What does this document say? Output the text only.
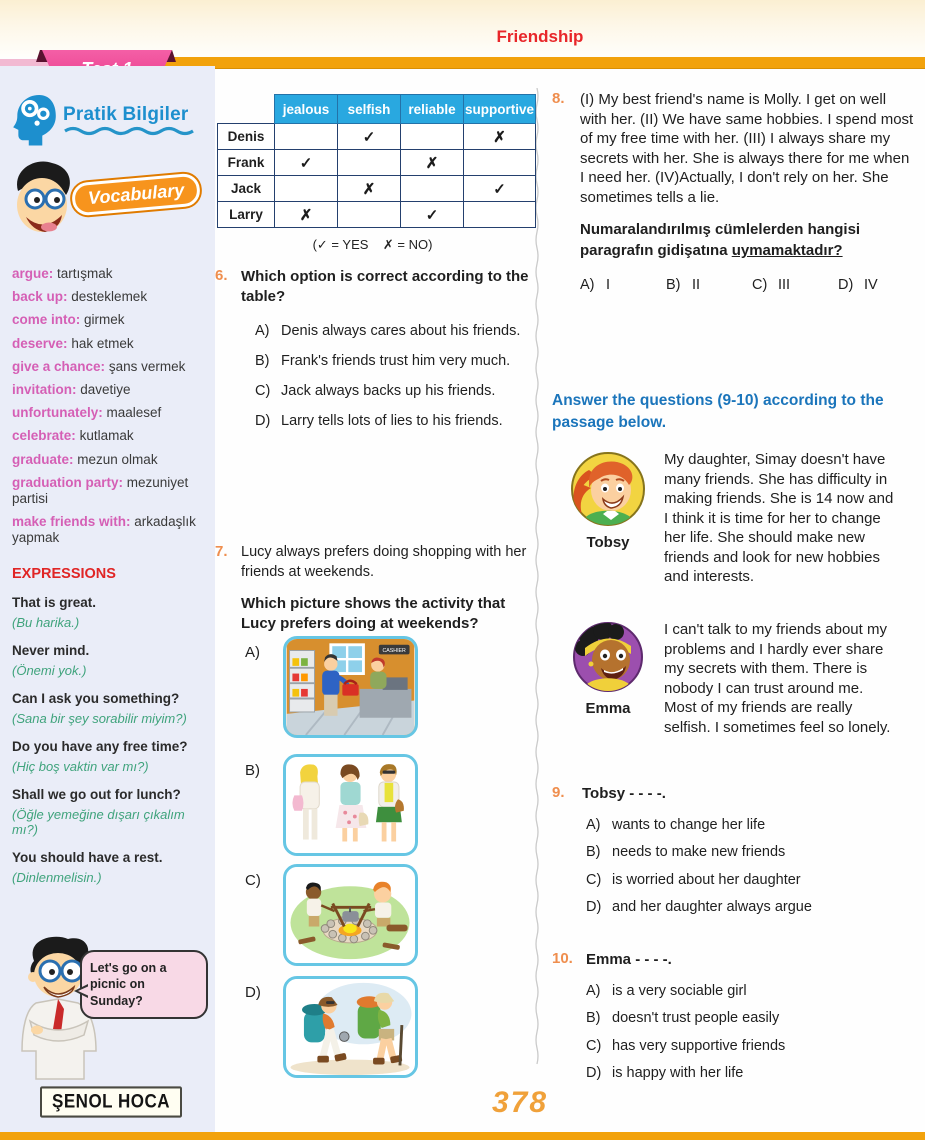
Friendship
Pratik Bilgiler
Vocabulary
argue: tartışmak
back up: desteklemek
come into: girmek
deserve: hak etmek
give a chance: şans vermek
invitation: davetiye
unfortunately: maalesef
celebrate: kutlamak
graduate: mezun olmak
graduation party: mezuniyet partisi
make friends with: arkadaşlık yapmak
EXPRESSIONS
That is great.
(Bu harika.)
Never mind.
(Önemi yok.)
Can I ask you something?
(Sana bir şey sorabilir miyim?)
Do you have any free time?
(Hiç boş vaktin var mı?)
Shall we go out for lunch?
(Öğle yemeğine dışarı çıkalım mı?)
You should have a rest.
(Dinlenmelisin.)
Let's go on a picnic on Sunday?
ŞENOL HOCA
	jealous	selfish	reliable	supportive
Denis		✓		✗
Frank	✓		✗	
Jack		✗		✓
Larry	✗		✓	
(✓ = YES    ✗ = NO)
6. Which option is correct according to the table?
A) Denis always cares about his friends.
B) Frank's friends trust him very much.
C) Jack always backs up his friends.
D) Larry tells lots of lies to his friends.
7. Lucy always prefers doing shopping with her friends at weekends.
Which picture shows the activity that Lucy prefers doing at weekends?
A)	CASHIER
B)
C)
D)
8.	(I) My best friend's name is Molly. I get on well with her. (II) We have same hobbies. I spend most of my free time with her. (III) I always share my secrets with her. She is always there for me when I need her. (IV)Actually, I don't rely on her. She sometimes tells a lie.
Numaralandırılmış cümlelerden hangisi paragrafın gidişatına uymamaktadır?
A) I	B) II	C) III	D) IV
Answer the questions (9-10) according to the passage below.
Tobsy
My daughter, Simay doesn't have many friends. She has difficulty in making friends. She is 14 now and I think it is time for her to change her life. She should make new friends and look for new hobbies and interests.
Emma
I can't talk to my friends about my problems and I hardly ever share my secrets with them. There is nobody I can trust around me. Most of my friends are really selfish. I sometimes feel so lonely.
9.	Tobsy - - - -.
A) wants to change her life
B) needs to make new friends
C) is worried about her daughter
D) and her daughter always argue
10. Emma - - - -.
A) is a very sociable girl
B) doesn't trust people easily
C) has very supportive friends
D) is happy with her life
378
